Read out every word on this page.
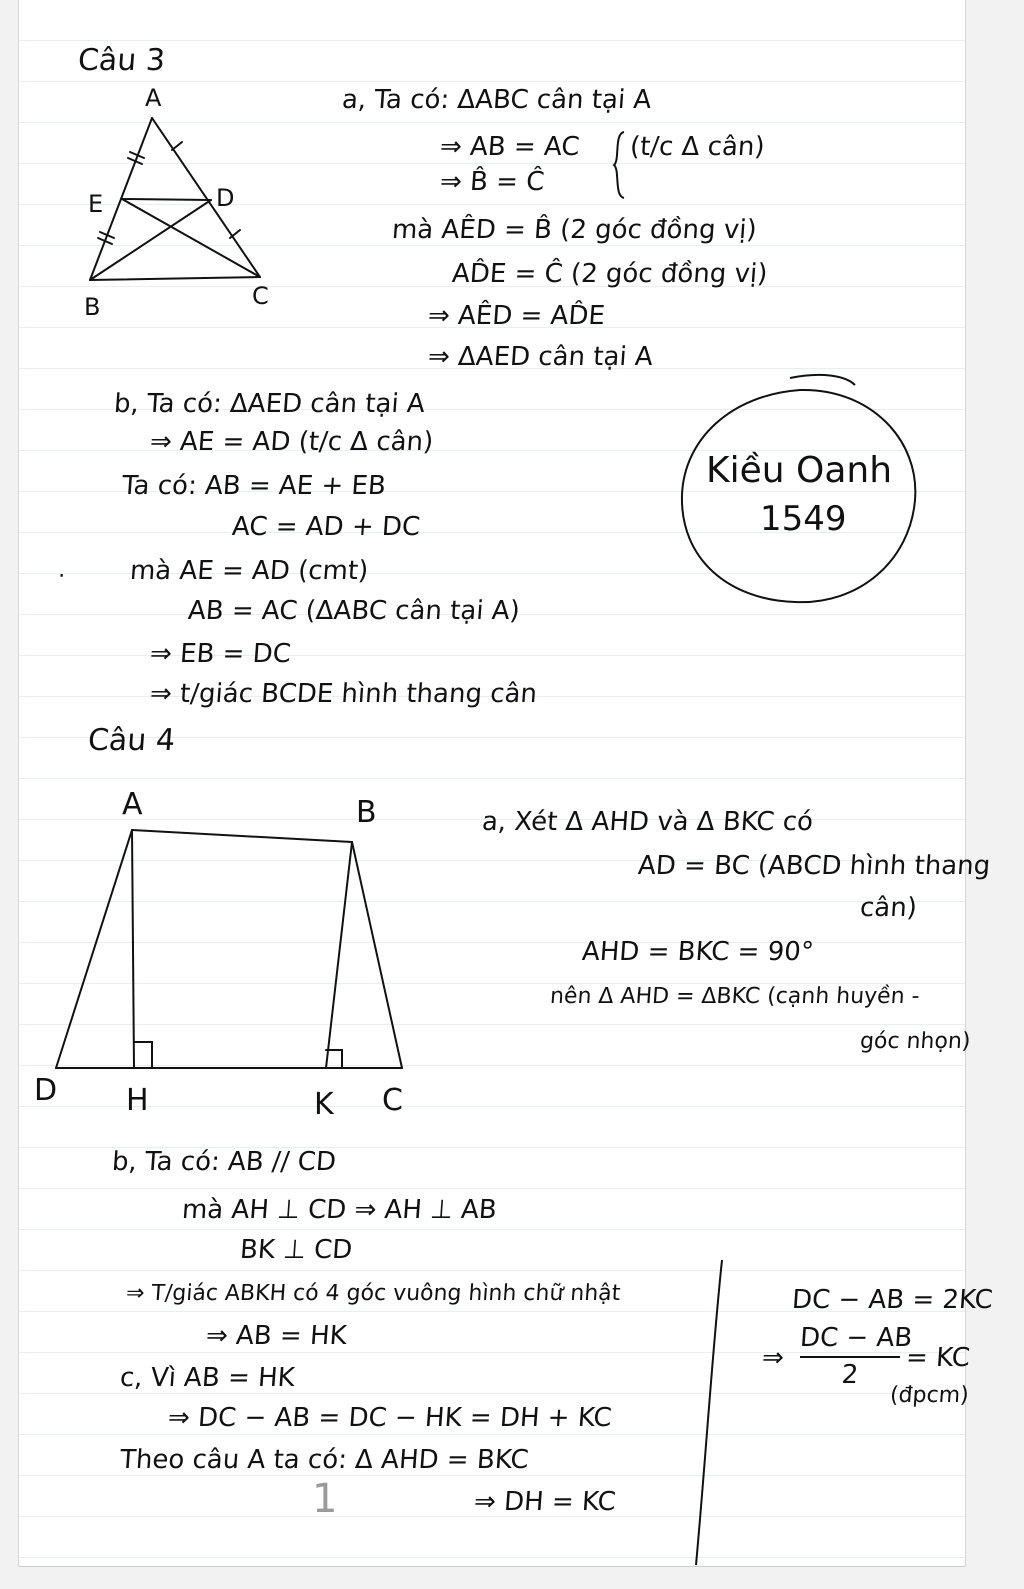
Câu 3
A
E	D
B	C
a, Ta có: ΔABC cân tại A
⇒ AB = AC
⇒ B̂ = Ĉ
(t/c Δ cân)
mà AÊD = B̂ (2 góc đồng vị)
AD̂E = Ĉ (2 góc đồng vị)
⇒ AÊD = AD̂E
⇒ ΔAED cân tại A
b, Ta có: ΔAED cân tại A
⇒ AE = AD (t/c Δ cân)
Ta có: AB = AE + EB
AC = AD + DC
mà AE = AD (cmt)
AB = AC (ΔABC cân tại A)
⇒ EB = DC
⇒ t/giác BCDE hình thang cân
Kiều Oanh
1549
·
Câu 4
A	B
D H	K C
a, Xét Δ AHD và Δ BKC có
AD = BC (ABCD hình thang
cân)
AHD = BKC = 90°
nên Δ AHD = ΔBKC (cạnh huyền -
góc nhọn)
b, Ta có: AB // CD
mà AH ⊥ CD ⇒ AH ⊥ AB
BK ⊥ CD
⇒ T/giác ABKH có 4 góc vuông hình chữ nhật
⇒ AB = HK
c, Vì AB = HK
⇒ DC − AB = DC − HK = DH + KC
Theo câu A ta có: Δ AHD = BKC
⇒ DH = KC
DC − AB = 2KC
⇒
DC − AB
2
= KC
(đpcm)
1
